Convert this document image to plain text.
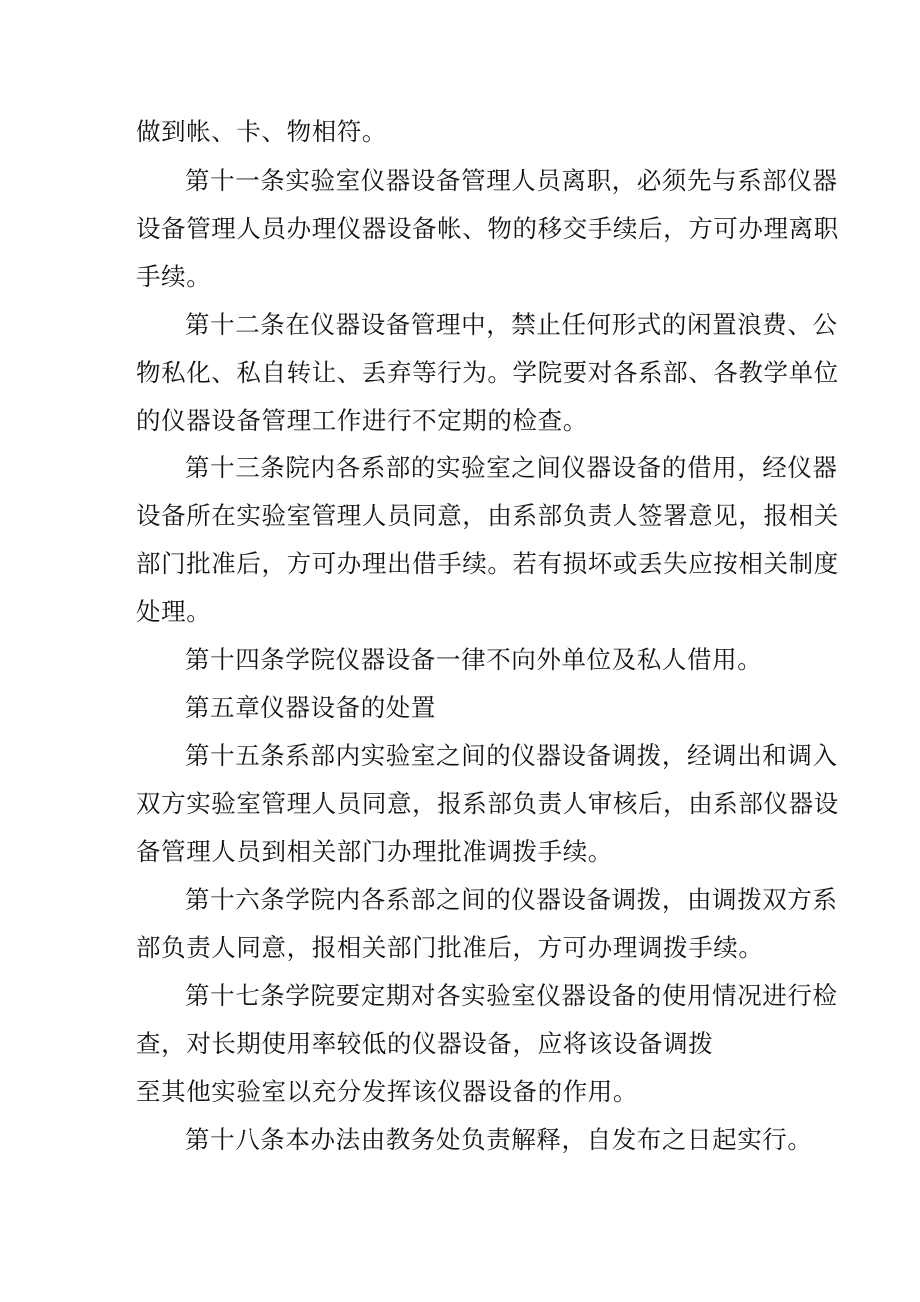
做到帐、卡、物相符。
第十一条实验室仪器设备管理人员离职，必须先与系部仪器
设备管理人员办理仪器设备帐、物的移交手续后，方可办理离职
手续。
第十二条在仪器设备管理中，禁止任何形式的闲置浪费、公
物私化、私自转让、丢弃等行为。学院要对各系部、各教学单位
的仪器设备管理工作进行不定期的检查。
第十三条院内各系部的实验室之间仪器设备的借用，经仪器
设备所在实验室管理人员同意，由系部负责人签署意见，报相关
部门批准后，方可办理出借手续。若有损坏或丢失应按相关制度
处理。
第十四条学院仪器设备一律不向外单位及私人借用。
第五章仪器设备的处置
第十五条系部内实验室之间的仪器设备调拨，经调出和调入
双方实验室管理人员同意，报系部负责人审核后，由系部仪器设
备管理人员到相关部门办理批准调拨手续。
第十六条学院内各系部之间的仪器设备调拨，由调拨双方系
部负责人同意，报相关部门批准后，方可办理调拨手续。
第十七条学院要定期对各实验室仪器设备的使用情况进行检
查，对长期使用率较低的仪器设备，应将该设备调拨
至其他实验室以充分发挥该仪器设备的作用。
第十八条本办法由教务处负责解释，自发布之日起实行。
